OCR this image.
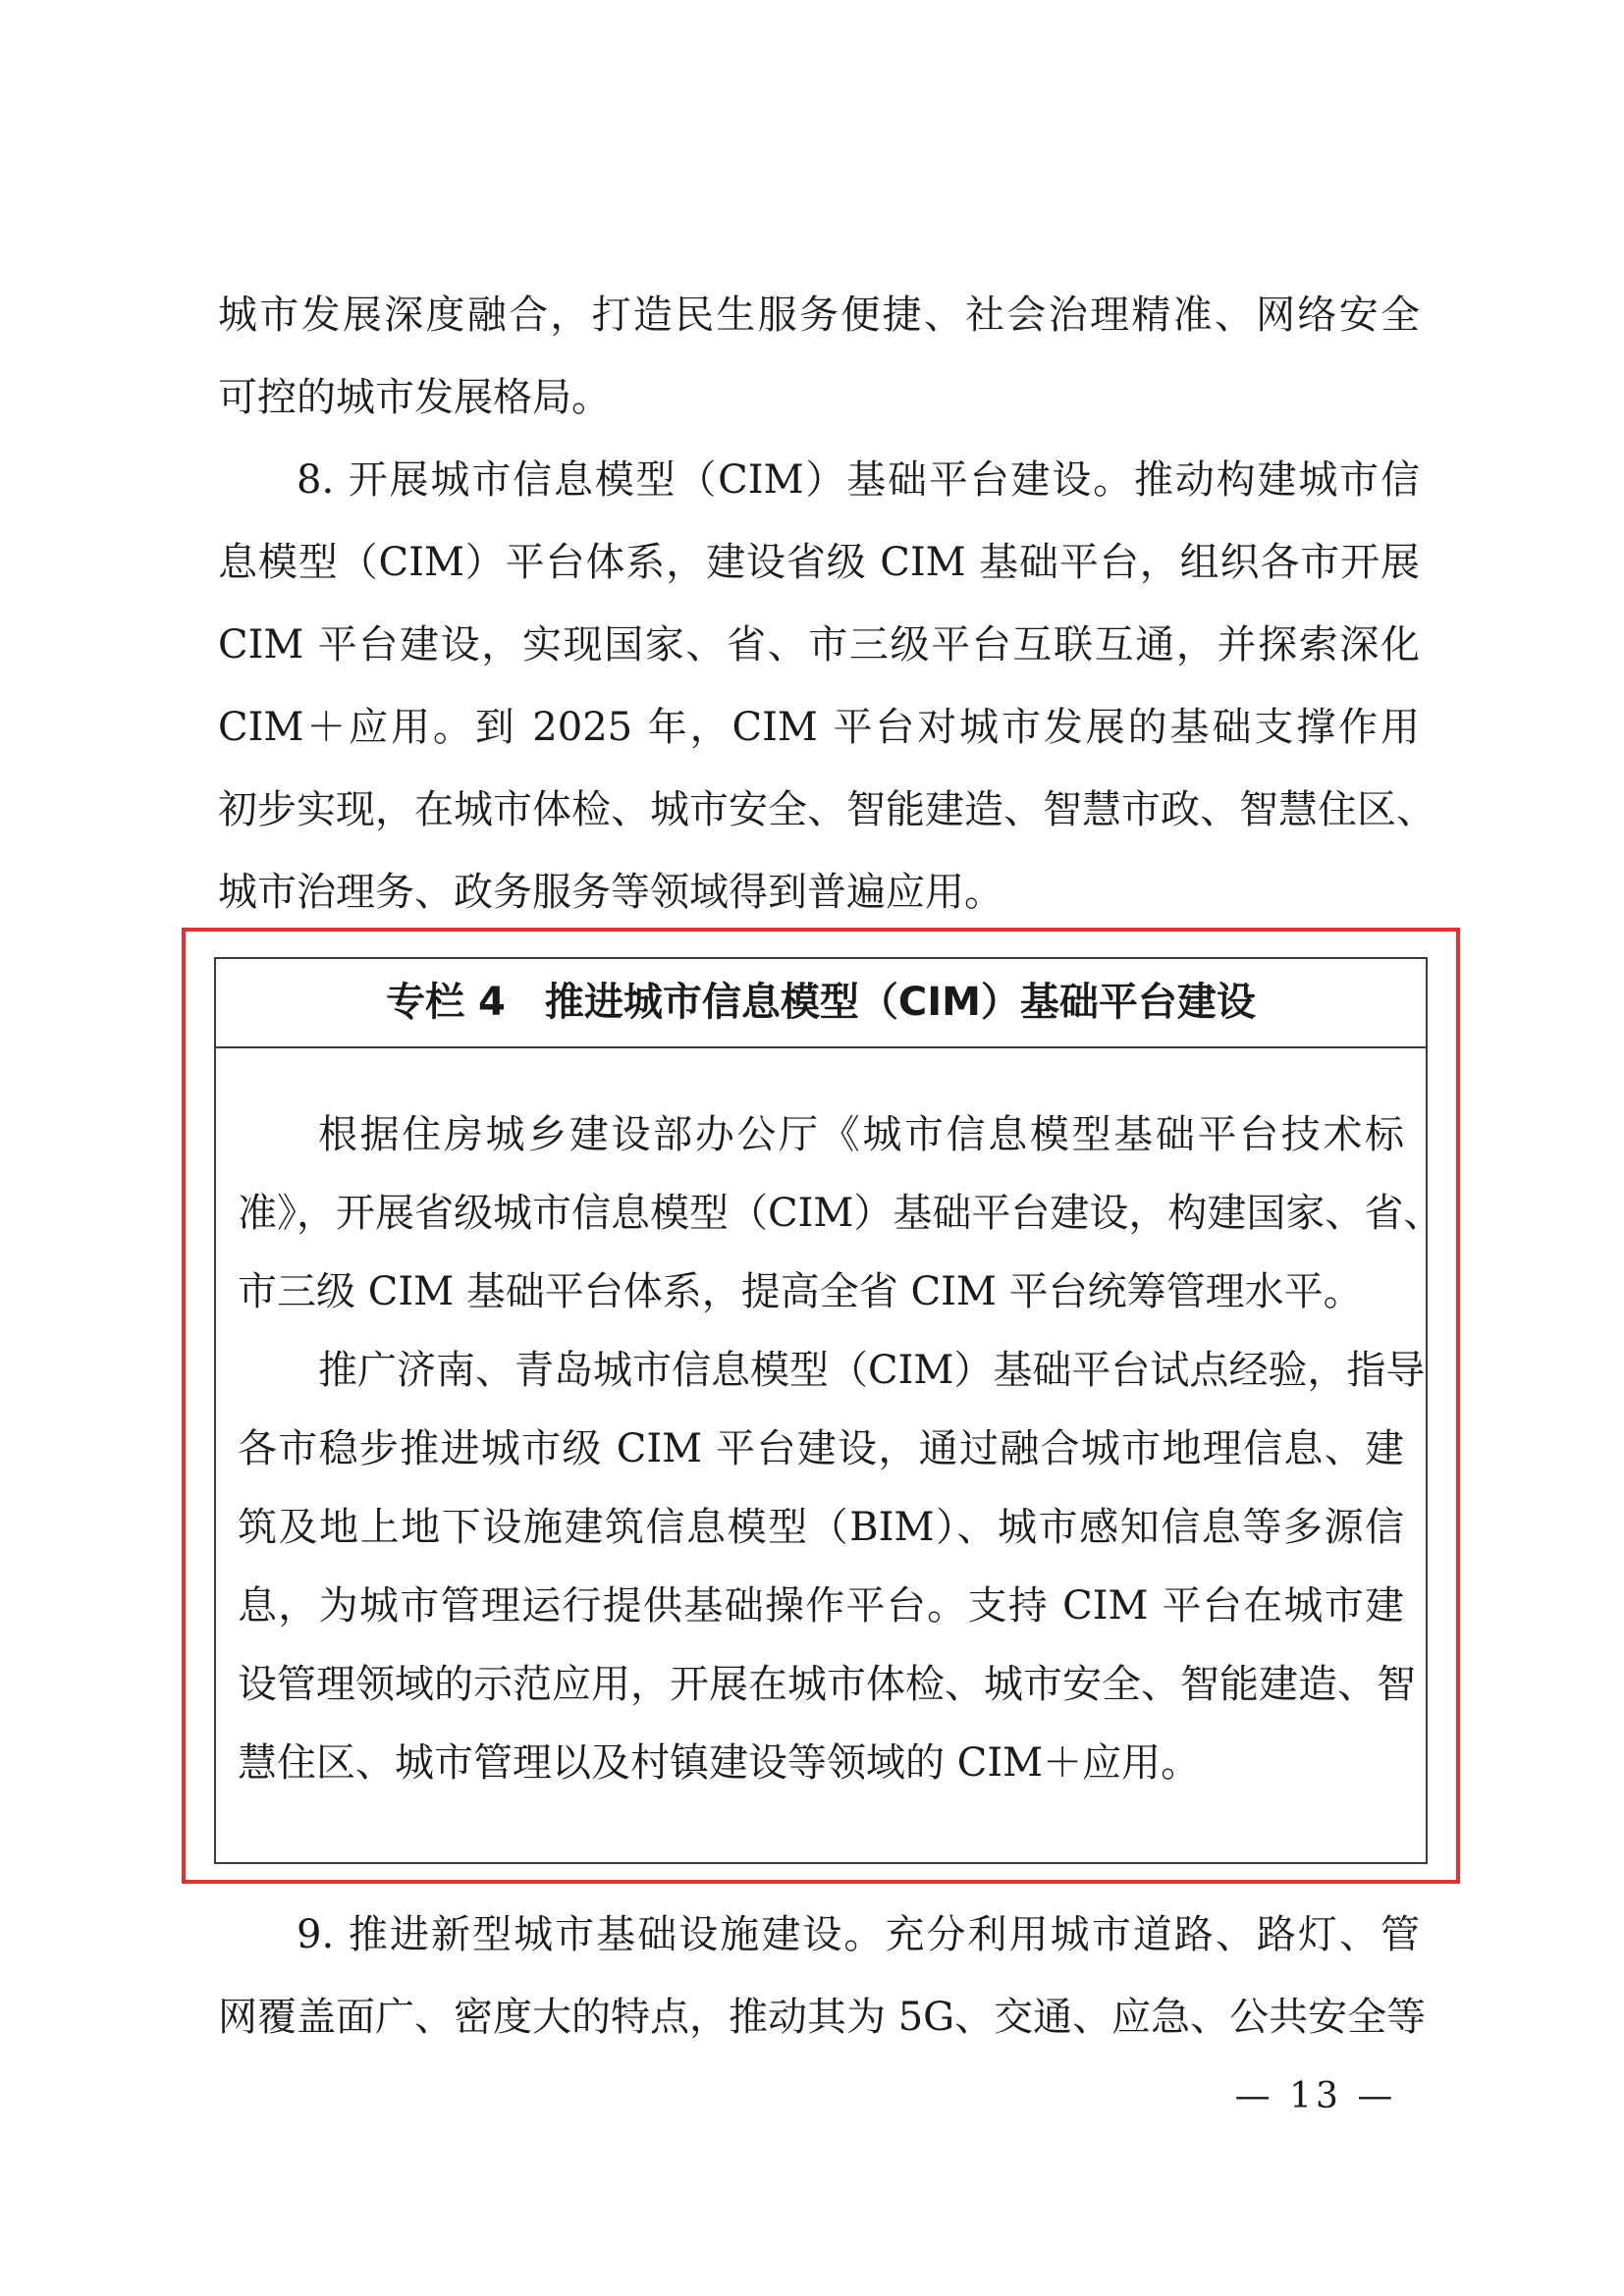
城市发展深度融合，打造民生服务便捷、社会治理精准、网络安全

可控的城市发展格局。

8. 开展城市信息模型（CIM）基础平台建设。推动构建城市信

息模型（CIM）平台体系，建设省级 CIM 基础平台，组织各市开展

CIM 平台建设，实现国家、省、市三级平台互联互通，并探索深化

CIM＋应用。到 2025 年，CIM 平台对城市发展的基础支撑作用

初步实现，在城市体检、城市安全、智能建造、智慧市政、智慧住区、

城市治理务、政务服务等领域得到普遍应用。

专栏 4 推进城市信息模型（CIM）基础平台建设

根据住房城乡建设部办公厅《城市信息模型基础平台技术标

准》，开展省级城市信息模型（CIM）基础平台建设，构建国家、省、

市三级 CIM 基础平台体系，提高全省 CIM 平台统筹管理水平。

推广济南、青岛城市信息模型（CIM）基础平台试点经验，指导

各市稳步推进城市级 CIM 平台建设，通过融合城市地理信息、建

筑及地上地下设施建筑信息模型（BIM）、城市感知信息等多源信

息，为城市管理运行提供基础操作平台。支持 CIM 平台在城市建

设管理领域的示范应用，开展在城市体检、城市安全、智能建造、智

慧住区、城市管理以及村镇建设等领域的 CIM＋应用。

9. 推进新型城市基础设施建设。充分利用城市道路、路灯、管

网覆盖面广、密度大的特点，推动其为 5G、交通、应急、公共安全等

— 13 —
